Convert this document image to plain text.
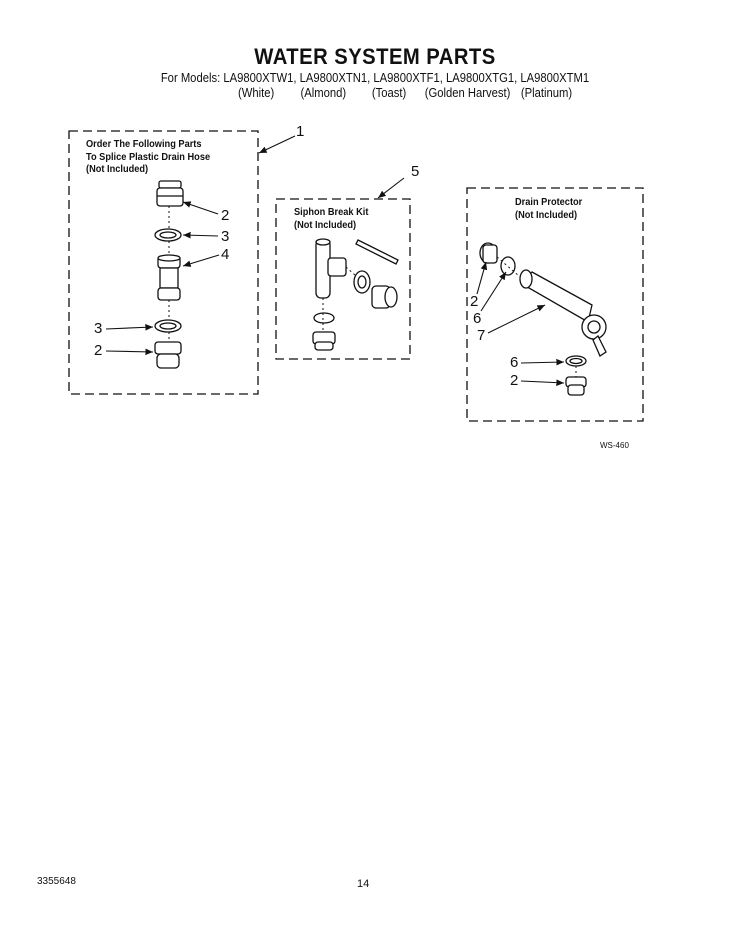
WATER SYSTEM PARTS
For Models: LA9800XTW1, LA9800XTN1, LA9800XTF1, LA9800XTG1, LA9800XTM1
(White) (Almond) (Toast) (Golden Harvest) (Platinum)
Order The Following Parts
To Splice Plastic Drain Hose
(Not Included)
Siphon Break Kit
(Not Included)
Drain Protector
(Not Included)
1
5
2
3
4
3
2
2
6
7
6
2
WS-460
3355648	14
